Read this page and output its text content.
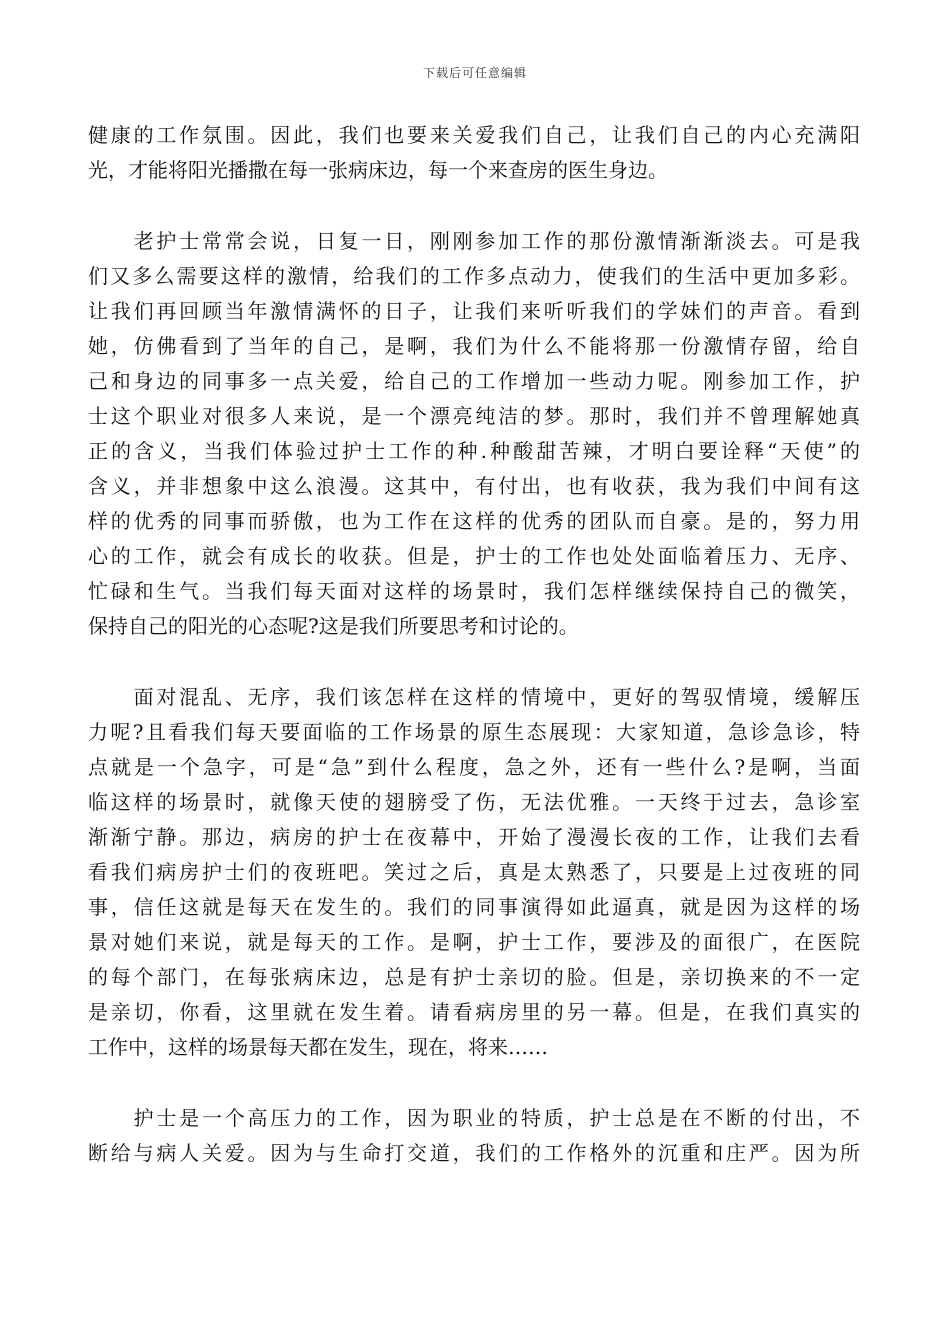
下载后可任意编辑
健康的工作氛围。因此，我们也要来关爱我们自己，让我们自己的内心充满阳
光，才能将阳光播撒在每一张病床边，每一个来查房的医生身边。
　　老护士常常会说，日复一日，刚刚参加工作的那份激情渐渐淡去。可是我
们又多么需要这样的激情，给我们的工作多点动力，使我们的生活中更加多彩。
让我们再回顾当年激情满怀的日子，让我们来听听我们的学妹们的声音。看到
她，仿佛看到了当年的自己，是啊，我们为什么不能将那一份激情存留，给自
己和身边的同事多一点关爱，给自己的工作增加一些动力呢。刚参加工作，护
士这个职业对很多人来说，是一个漂亮纯洁的梦。那时，我们并不曾理解她真
正的含义，当我们体验过护士工作的种.种酸甜苦辣，才明白要诠释“天使”的
含义，并非想象中这么浪漫。这其中，有付出，也有收获，我为我们中间有这
样的优秀的同事而骄傲，也为工作在这样的优秀的团队而自豪。是的，努力用
心的工作，就会有成长的收获。但是，护士的工作也处处面临着压力、无序、
忙碌和生气。当我们每天面对这样的场景时，我们怎样继续保持自己的微笑，
保持自己的阳光的心态呢?这是我们所要思考和讨论的。
　　面对混乱、无序，我们该怎样在这样的情境中，更好的驾驭情境，缓解压
力呢?且看我们每天要面临的工作场景的原生态展现：大家知道，急诊急诊，特
点就是一个急字，可是“急”到什么程度，急之外，还有一些什么?是啊，当面
临这样的场景时，就像天使的翅膀受了伤，无法优雅。一天终于过去，急诊室
渐渐宁静。那边，病房的护士在夜幕中，开始了漫漫长夜的工作，让我们去看
看我们病房护士们的夜班吧。笑过之后，真是太熟悉了，只要是上过夜班的同
事，信任这就是每天在发生的。我们的同事演得如此逼真，就是因为这样的场
景对她们来说，就是每天的工作。是啊，护士工作，要涉及的面很广，在医院
的每个部门，在每张病床边，总是有护士亲切的脸。但是，亲切换来的不一定
是亲切，你看，这里就在发生着。请看病房里的另一幕。但是，在我们真实的
工作中，这样的场景每天都在发生，现在，将来……
　　护士是一个高压力的工作，因为职业的特质，护士总是在不断的付出，不
断给与病人关爱。因为与生命打交道，我们的工作格外的沉重和庄严。因为所
